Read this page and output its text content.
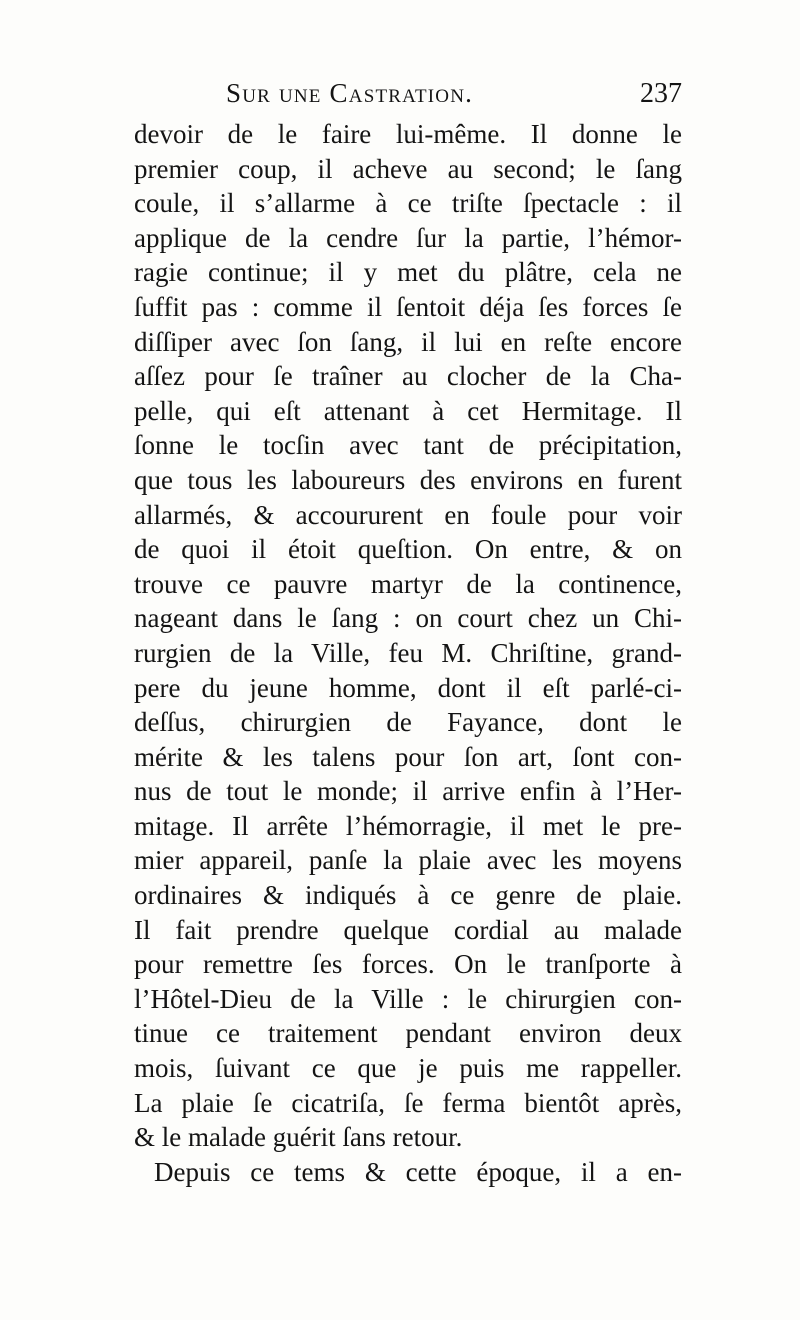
Sur une Castration.	237
devoir de le faire lui-même. Il donne le
premier coup, il acheve au second; le ſang
coule, il s’allarme à ce triſte ſpectacle : il
applique de la cendre ſur la partie, l’hémor-
ragie continue; il y met du plâtre, cela ne
ſuffit pas : comme il ſentoit déja ſes forces ſe
diſſiper avec ſon ſang, il lui en reſte encore
aſſez pour ſe traîner au clocher de la Cha-
pelle, qui eſt attenant à cet Hermitage. Il
ſonne le tocſin avec tant de précipitation,
que tous les laboureurs des environs en furent
allarmés, & accoururent en foule pour voir
de quoi il étoit queſtion. On entre, & on
trouve ce pauvre martyr de la continence,
nageant dans le ſang : on court chez un Chi-
rurgien de la Ville, feu M. Chriſtine, grand-
pere du jeune homme, dont il eſt parlé-ci-
deſſus, chirurgien de Fayance, dont le
mérite & les talens pour ſon art, ſont con-
nus de tout le monde; il arrive enfin à l’Her-
mitage. Il arrête l’hémorragie, il met le pre-
mier appareil, panſe la plaie avec les moyens
ordinaires & indiqués à ce genre de plaie.
Il fait prendre quelque cordial au malade
pour remettre ſes forces. On le tranſporte à
l’Hôtel-Dieu de la Ville : le chirurgien con-
tinue ce traitement pendant environ deux
mois, ſuivant ce que je puis me rappeller.
La plaie ſe cicatriſa, ſe ferma bientôt après,
& le malade guérit ſans retour.
Depuis ce tems & cette époque, il a en-
